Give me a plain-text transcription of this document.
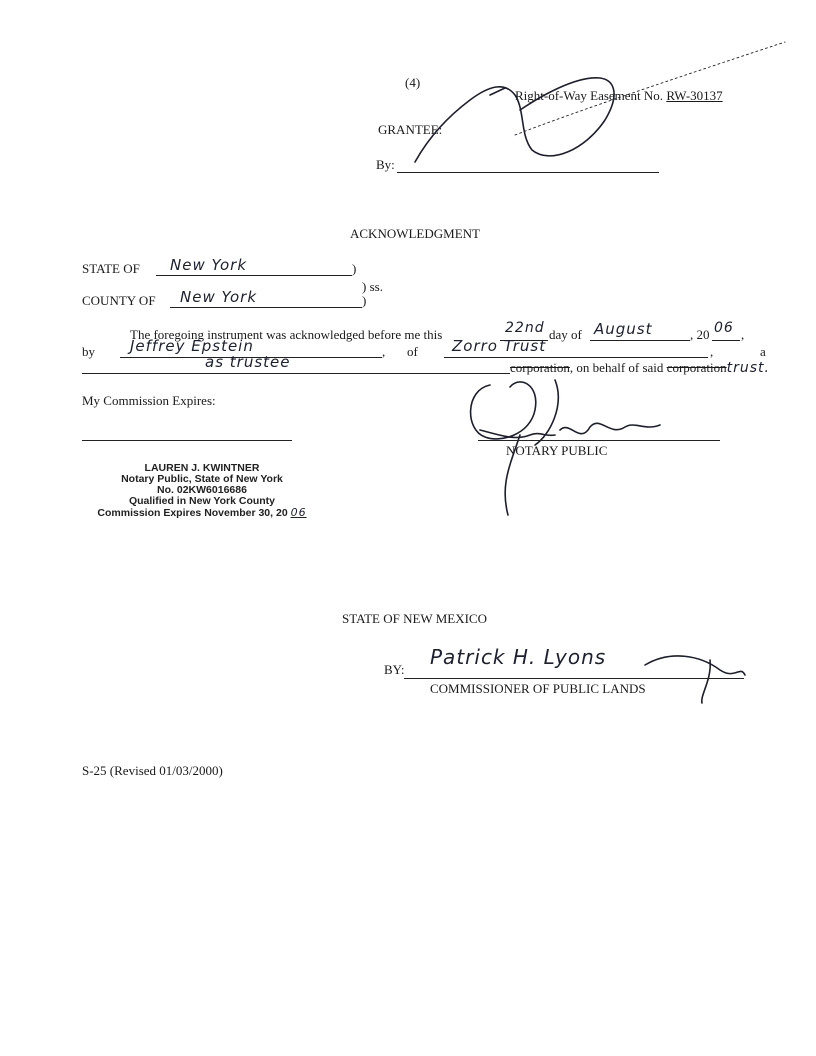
(4)
Right-of-Way Easement No. RW-30137
GRANTEE:
By:
ACKNOWLEDGMENT
STATE OF New York	)
) ss.
COUNTY OF New York	)
The foregoing instrument was acknowledged before me this	22nd day of August	, 20 06 ,
by Jeffrey Epstein	, of Zorro Trust	,	a
as trustee	corporation, on behalf of said corporationtrust.
My Commission Expires:
NOTARY PUBLIC
LAUREN J. KWINTNER
Notary Public, State of New York
No. 02KW6016686
Qualified in New York County
Commission Expires November 30, 20 06
STATE OF NEW MEXICO
BY:
Patrick H. Lyons
COMMISSIONER OF PUBLIC LANDS
S-25 (Revised 01/03/2000)
